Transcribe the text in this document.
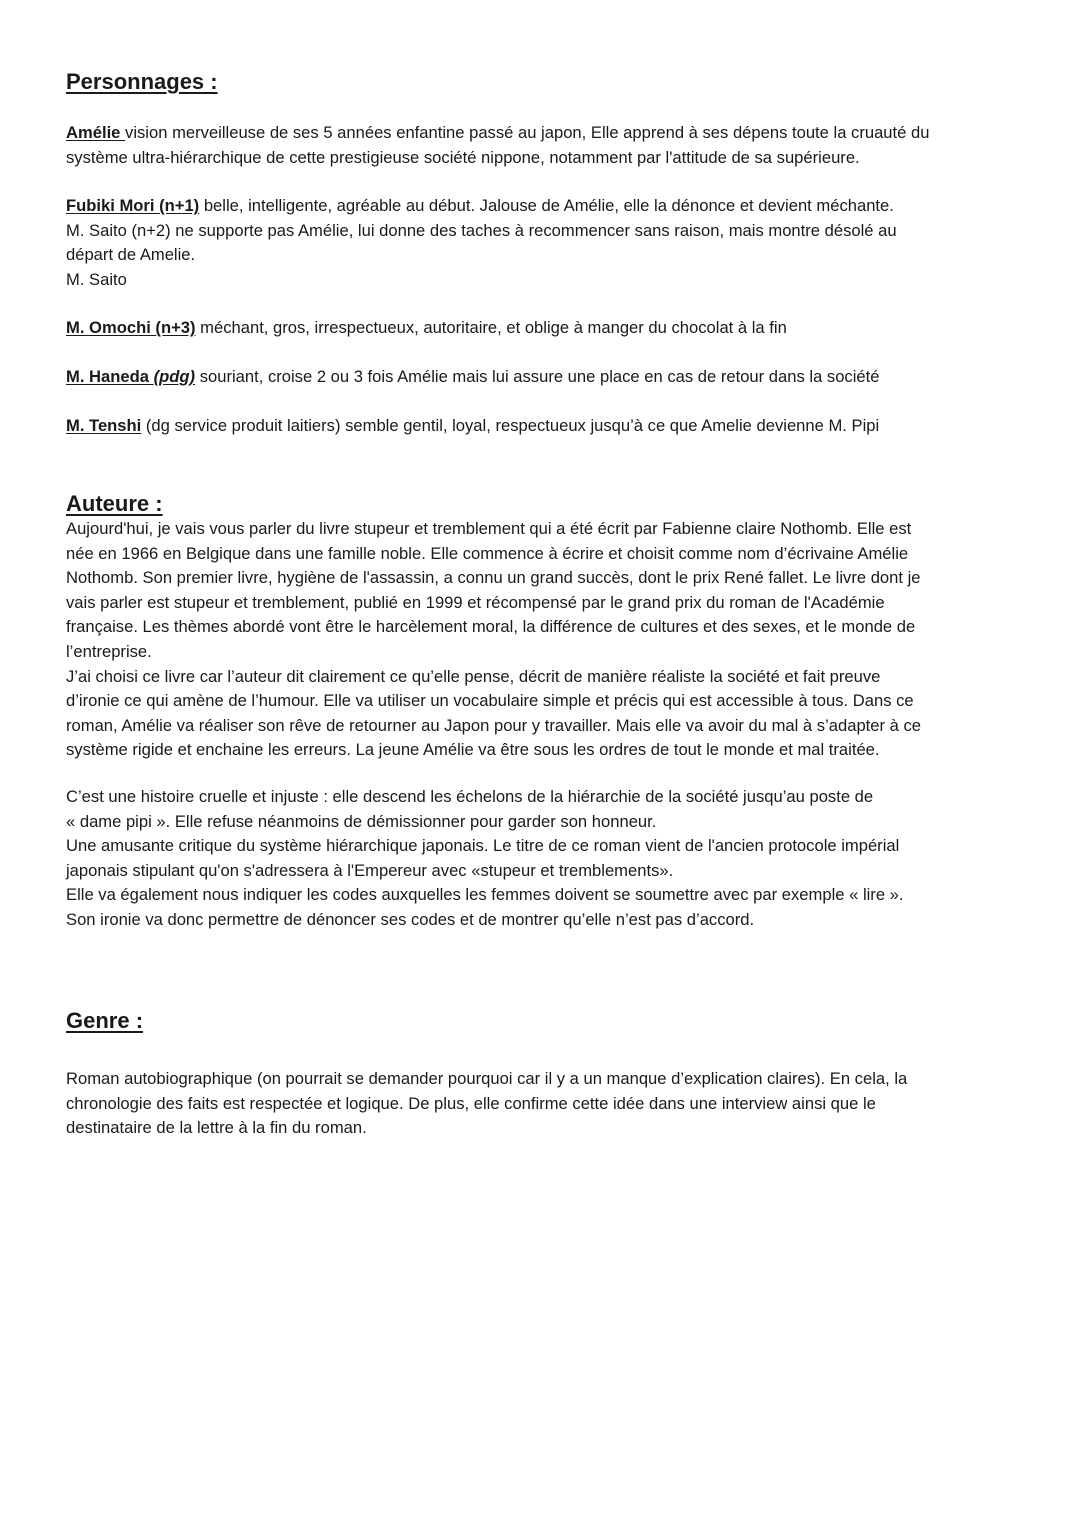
Personnages :

Amélie vision merveilleuse de ses 5 années enfantine passé au japon, Elle apprend à ses dépens toute la cruauté du
système ultra-hiérarchique de cette prestigieuse société nippone, notamment par l'attitude de sa supérieure.

Fubiki Mori (n+1) belle, intelligente, agréable au début. Jalouse de Amélie, elle la dénonce et devient méchante.
M. Saito (n+2) ne supporte pas Amélie, lui donne des taches à recommencer sans raison, mais montre désolé au
départ de Amelie.
M. Saito

M. Omochi (n+3) méchant, gros, irrespectueux, autoritaire, et oblige à manger du chocolat à la fin

M. Haneda (pdg) souriant, croise 2 ou 3 fois Amélie mais lui assure une place en cas de retour dans la société

M. Tenshi (dg service produit laitiers) semble gentil, loyal, respectueux jusqu’à ce que Amelie devienne M. Pipi

Auteure :

Aujourd'hui, je vais vous parler du livre stupeur et tremblement qui a été écrit par Fabienne claire Nothomb. Elle est
née en 1966 en Belgique dans une famille noble. Elle commence à écrire et choisit comme nom d’écrivaine Amélie
Nothomb. Son premier livre, hygiène de l'assassin, a connu un grand succès, dont le prix René fallet. Le livre dont je
vais parler est stupeur et tremblement, publié en 1999 et récompensé par le grand prix du roman de l'Académie
française. Les thèmes abordé vont être le harcèlement moral, la différence de cultures et des sexes, et le monde de
l’entreprise.
J’ai choisi ce livre car l’auteur dit clairement ce qu’elle pense, décrit de manière réaliste la société et fait preuve
d’ironie ce qui amène de l’humour. Elle va utiliser un vocabulaire simple et précis qui est accessible à tous. Dans ce
roman, Amélie va réaliser son rêve de retourner au Japon pour y travailler. Mais elle va avoir du mal à s’adapter à ce
système rigide et enchaine les erreurs. La jeune Amélie va être sous les ordres de tout le monde et mal traitée.

C’est une histoire cruelle et injuste : elle descend les échelons de la hiérarchie de la société jusqu’au poste de
« dame pipi ». Elle refuse néanmoins de démissionner pour garder son honneur.
Une amusante critique du système hiérarchique japonais. Le titre de ce roman vient de l'ancien protocole impérial
japonais stipulant qu'on s'adressera à l'Empereur avec «stupeur et tremblements».
Elle va également nous indiquer les codes auxquelles les femmes doivent se soumettre avec par exemple « lire ».
Son ironie va donc permettre de dénoncer ses codes et de montrer qu’elle n’est pas d’accord.

Genre :

Roman autobiographique (on pourrait se demander pourquoi car il y a un manque d’explication claires). En cela, la
chronologie des faits est respectée et logique. De plus, elle confirme cette idée dans une interview ainsi que le
destinataire de la lettre à la fin du roman.
